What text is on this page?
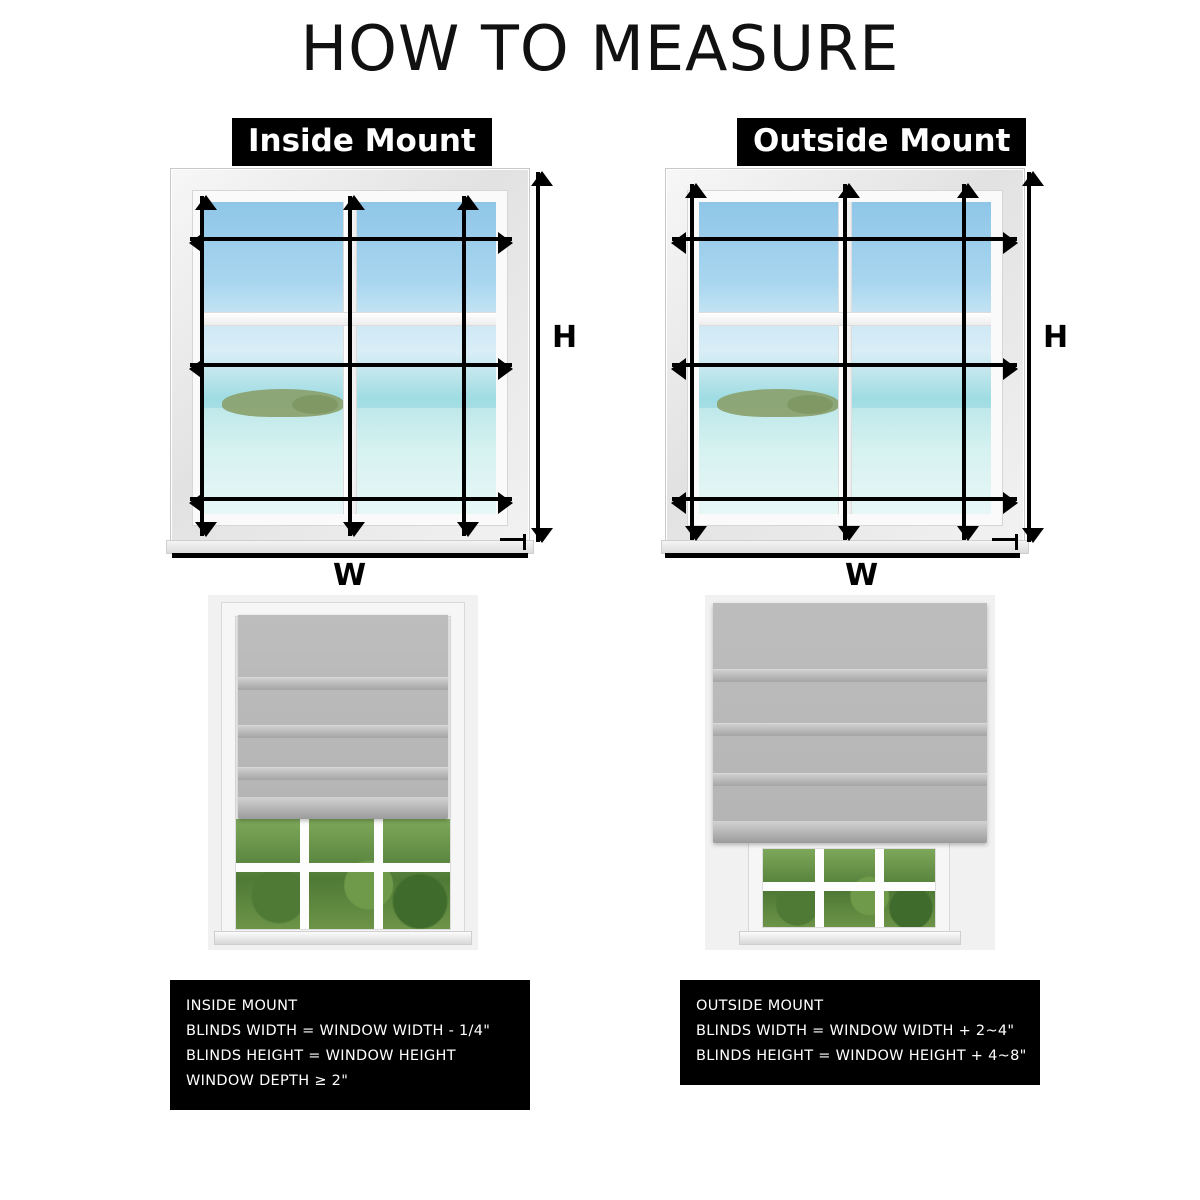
HOW TO MEASURE
Inside Mount
H
W
INSIDE MOUNT
BLINDS WIDTH = WINDOW WIDTH - 1/4"
BLINDS HEIGHT = WINDOW HEIGHT
WINDOW DEPTH ≥ 2"
Outside Mount
H
W
OUTSIDE MOUNT
BLINDS WIDTH = WINDOW WIDTH + 2~4"
BLINDS HEIGHT = WINDOW HEIGHT + 4~8"
